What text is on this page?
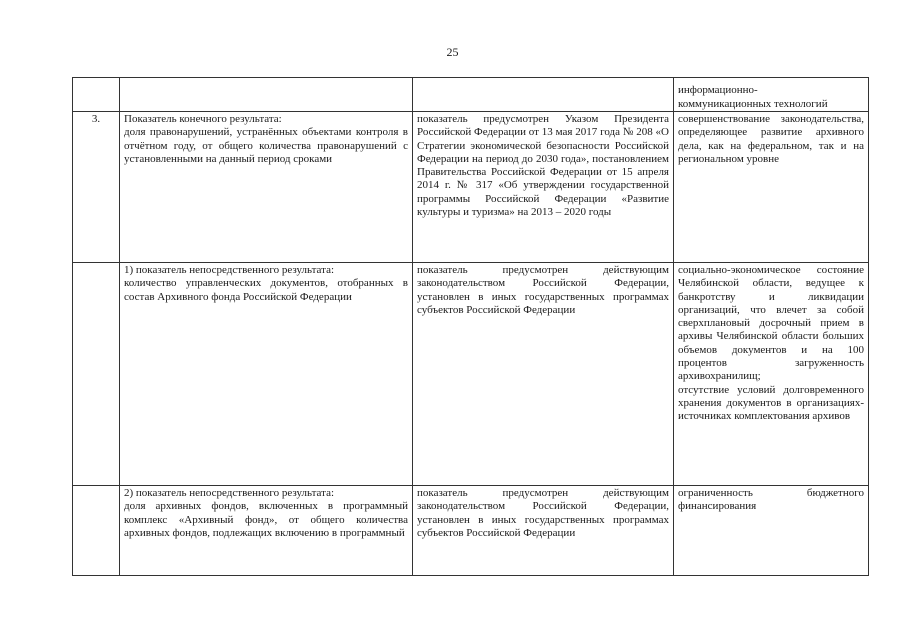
25

			информационно-
коммуникационных технологий

3.	Показатель конечного результата:
доля правонарушений, устранённых объектами контроля в отчётном году, от общего количества правонарушений с установленными на данный период сроками	показатель предусмотрен Указом Президента Российской Федерации от 13 мая 2017 года № 208 «О Стратегии экономической безопасности Российской Федерации на период до 2030 года», постановлением Правительства Российской Федерации от 15 апреля 2014 г. № 317 «Об утверждении государственной программы Российской Федерации «Развитие культуры и туризма» на 2013 – 2020 годы	совершенствование законодательства, определяющее развитие архивного дела, как на федеральном, так и на региональном уровне

	1) показатель непосредственного результата:
количество управленческих документов, отобранных в состав Архивного фонда Российской Федерации	показатель предусмотрен действующим законодательством Российской Федерации, установлен в иных государственных программах субъектов Российской Федерации	социально-экономическое состояние Челябинской области, ведущее к банкротству и ликвидации организаций, что влечет за собой сверхплановый досрочный прием в архивы Челябинской области больших объемов документов и на 100 процентов загруженность архивохранилищ;
отсутствие условий долговременного хранения документов в организациях-источниках комплектования архивов

	2) показатель непосредственного результата:
доля архивных фондов, включенных в программный комплекс «Архивный фонд», от общего количества архивных фондов, подлежащих включению в программный	показатель предусмотрен действующим законодательством Российской Федерации, установлен в иных государственных программах субъектов Российской Федерации	ограниченность бюджетного финансирования
